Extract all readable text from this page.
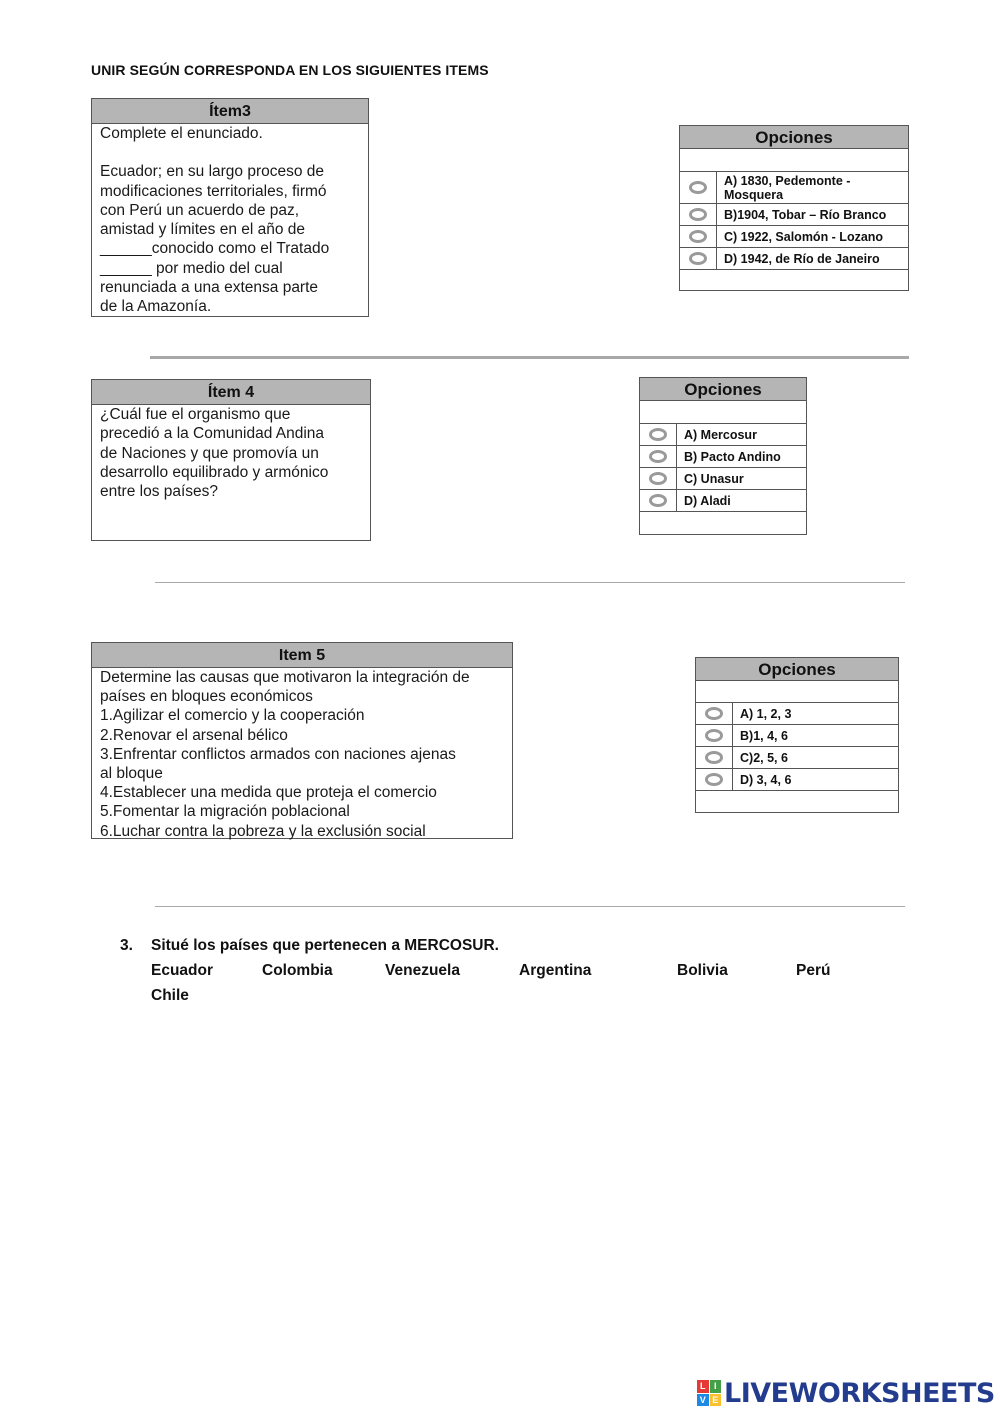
UNIR SEGÚN CORRESPONDA EN LOS SIGUIENTES ITEMS
Ítem3

Complete el enunciado.

Ecuador; en su largo proceso de

modificaciones territoriales, firmó

con Perú un acuerdo de paz,

amistad y límites en el año de

______conocido como el Tratado

______ por medio del cual

renunciada a una extensa parte

de la Amazonía.

Opciones
A) 1830, Pedemonte - Mosquera
B)1904, Tobar – Río Branco
C) 1922, Salomón - Lozano
D) 1942, de Río de Janeiro
Ítem 4

¿Cuál fue el organismo que

precedió a la Comunidad Andina

de Naciones y que promovía un

desarrollo equilibrado y armónico

entre los países?

Opciones
A) Mercosur
B) Pacto Andino
C) Unasur
D) Aladi
Item 5

Determine las causas que motivaron la integración de

países en bloques económicos

1.Agilizar el comercio y la cooperación

2.Renovar el arsenal bélico

3.Enfrentar conflictos armados con naciones ajenas

al bloque

4.Establecer una medida que proteja el comercio

5.Fomentar la migración poblacional

6.Luchar contra la pobreza y la exclusión social

Opciones
A) 1, 2, 3
B)1, 4, 6
C)2, 5, 6
D) 3, 4, 6
3. Situé los países que pertenecen a MERCOSUR.
Ecuador	Colombia	Venezuela	Argentina	Bolivia	Perú
Chile
L I
V E LIVEWORKSHEETS
